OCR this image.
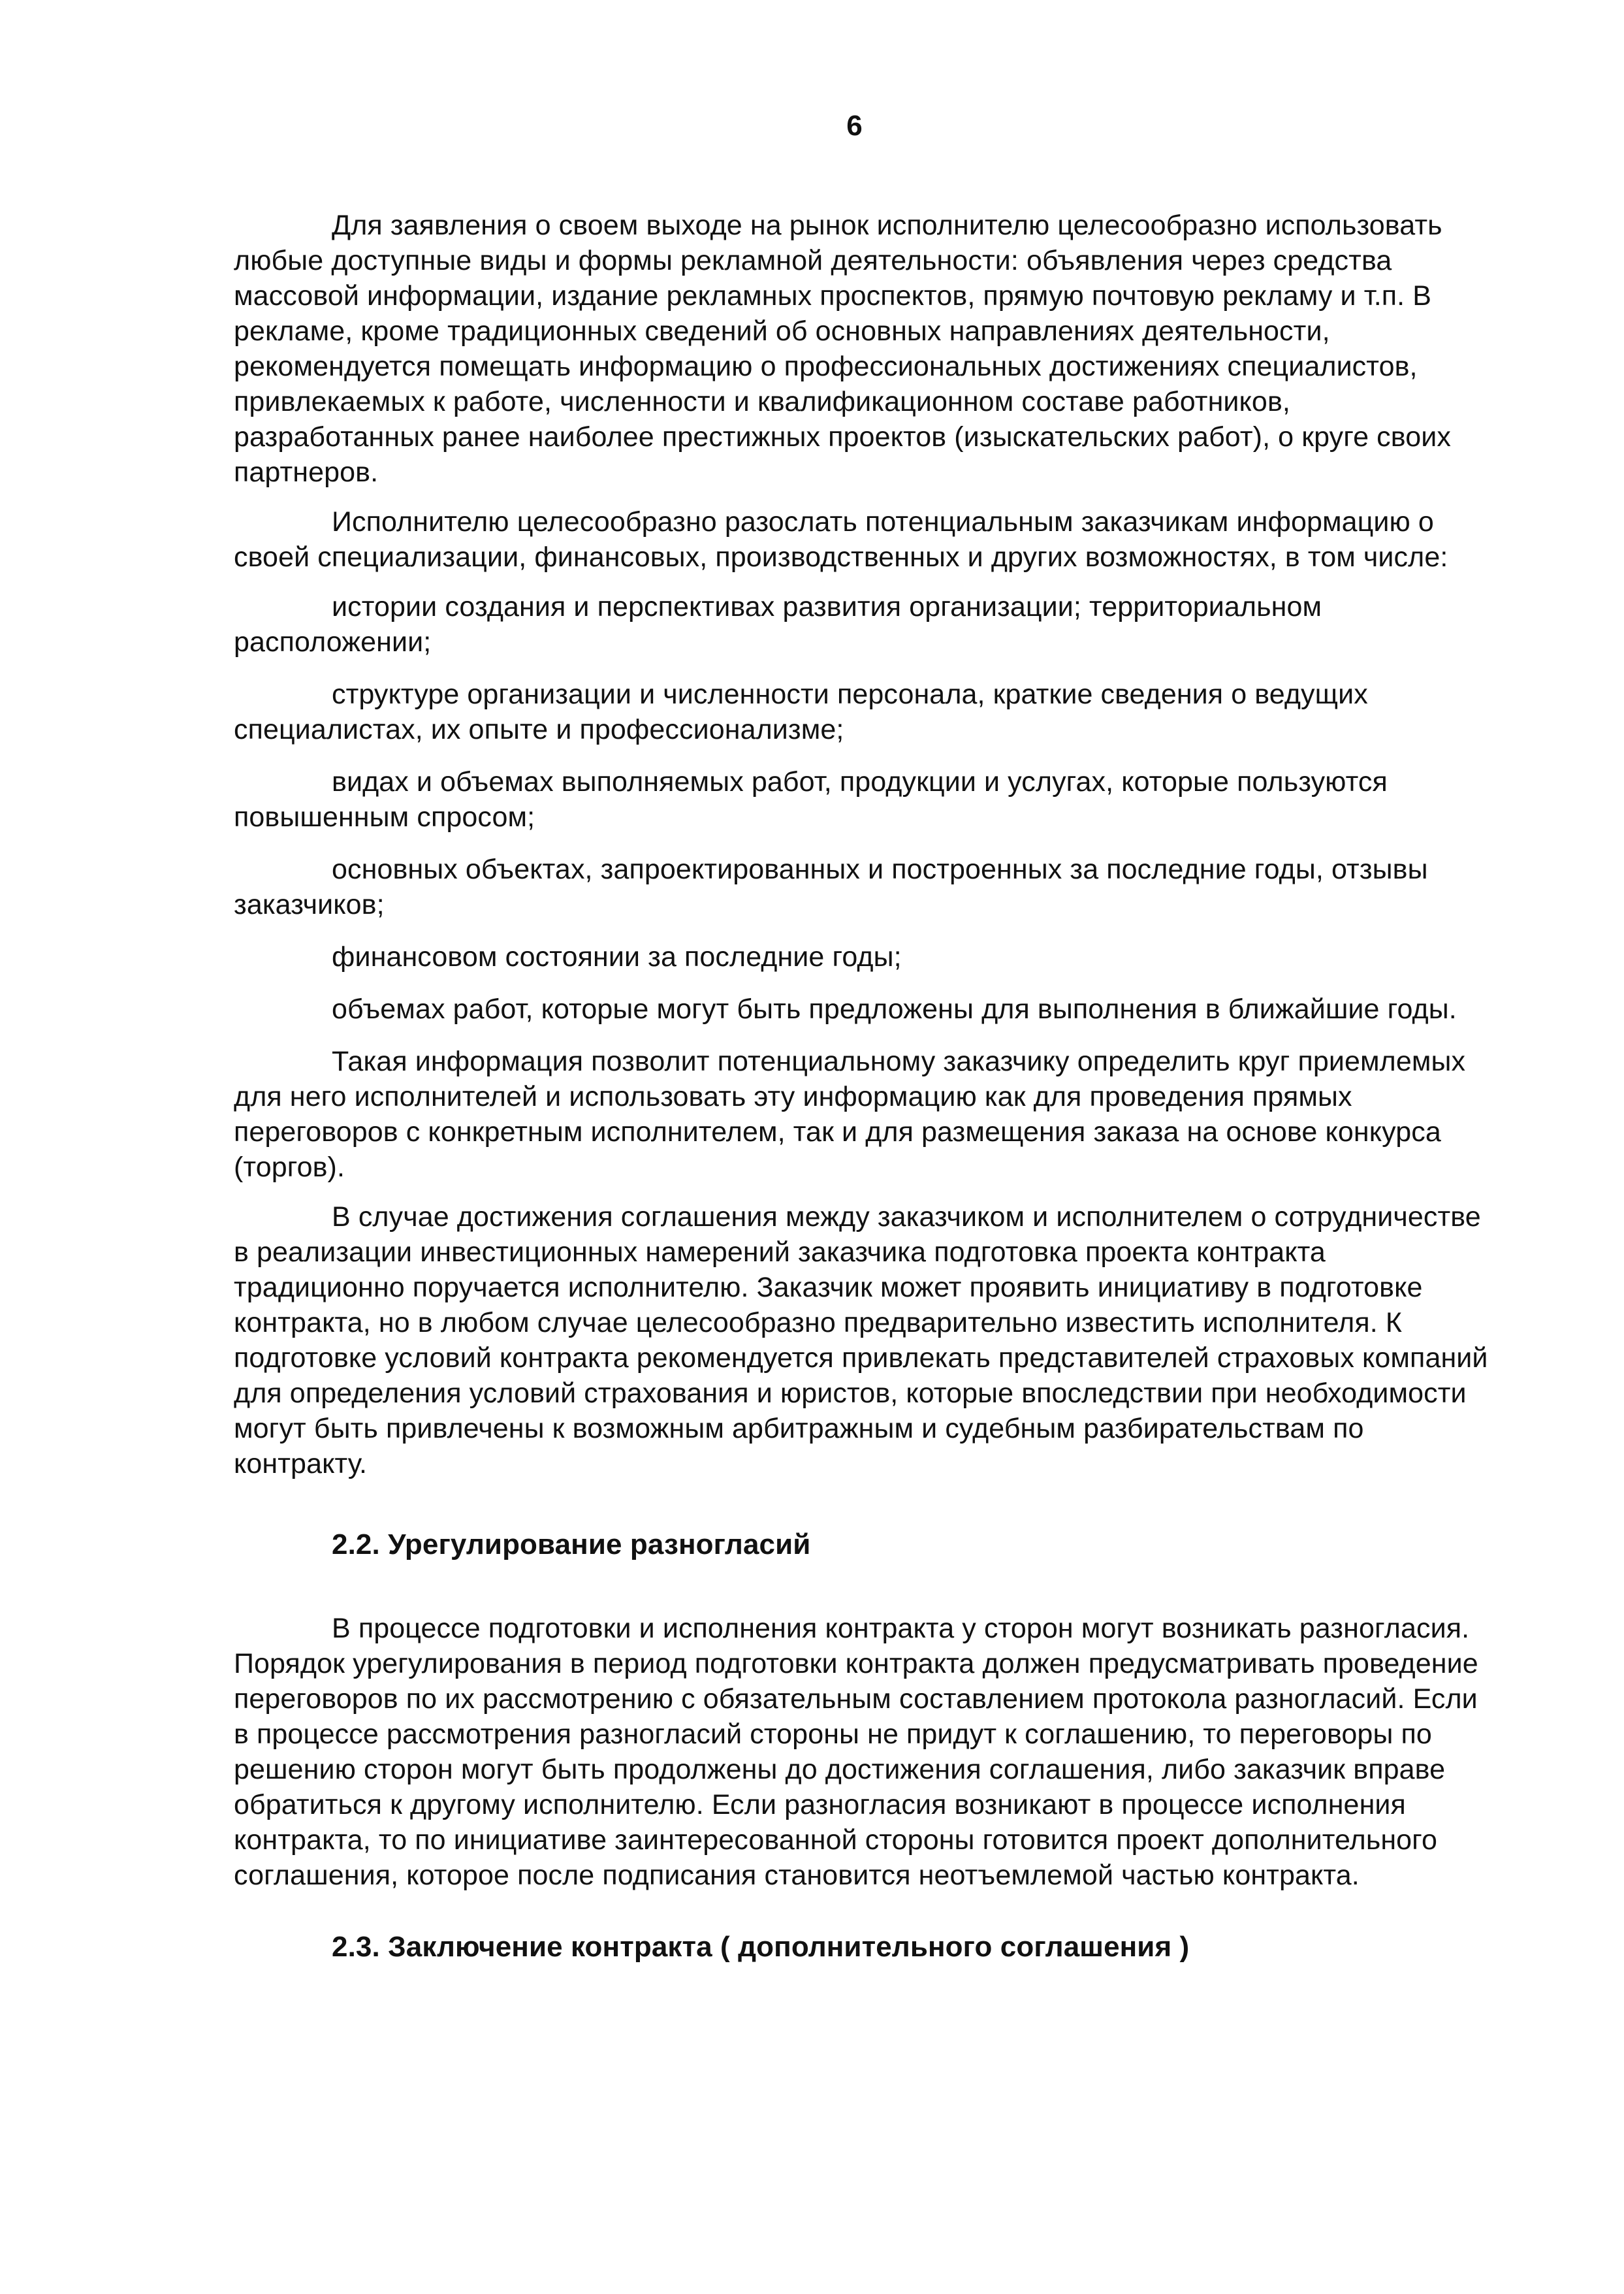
6

Для заявления о своем выходе на рынок исполнителю целесообразно использовать любые доступные виды и формы рекламной деятельности: объявления через средства массовой информации, издание рекламных проспектов, прямую почтовую рекламу и т.п. В рекламе, кроме традиционных сведений об основных направлениях деятельности, рекомендуется помещать информацию о профессиональных достижениях специалистов, привлекаемых к работе, численности и квалификационном составе работников, разработанных ранее наиболее престижных проектов (изыскательских работ), о круге своих партнеров.

Исполнителю целесообразно разослать потенциальным заказчикам информацию о своей специализации, финансовых, производственных и других возможностях, в том числе:

истории создания и перспективах развития организации; территориальном расположении;

структуре организации и численности персонала, краткие сведения о ведущих специалистах, их опыте и профессионализме;

видах и объемах выполняемых работ, продукции и услугах, которые пользуются повышенным спросом;

основных объектах, запроектированных и построенных за последние годы, отзывы заказчиков;

финансовом состоянии за последние годы;

объемах работ, которые могут быть предложены для выполнения в ближайшие годы.

Такая информация позволит потенциальному заказчику определить круг приемлемых для него исполнителей и использовать эту информацию как для проведения прямых переговоров с конкретным исполнителем, так и для размещения заказа на основе конкурса (торгов).

В случае достижения соглашения между заказчиком и исполнителем о сотрудничестве в реализации инвестиционных намерений заказчика подготовка проекта контракта традиционно поручается исполнителю. Заказчик может проявить инициативу в подготовке контракта, но в любом случае целесообразно предварительно известить исполнителя. К подготовке условий контракта рекомендуется привлекать представителей страховых компаний для определения условий страхования и юристов, которые впоследствии при необходимости могут быть привлечены к возможным арбитражным и судебным разбирательствам по контракту.

2.2. Урегулирование разногласий

В процессе подготовки и исполнения контракта у сторон могут возникать разногласия. Порядок урегулирования в период подготовки контракта должен предусматривать проведение переговоров по их рассмотрению с обязательным составлением протокола разногласий. Если в процессе рассмотрения разногласий стороны не придут к соглашению, то переговоры по решению сторон могут быть продолжены до достижения соглашения, либо заказчик вправе обратиться к другому исполнителю. Если разногласия возникают в процессе исполнения контракта, то по инициативе заинтересованной стороны готовится проект дополнительного соглашения, которое после подписания становится неотъемлемой частью контракта.

2.3. Заключение контракта ( дополнительного соглашения )
